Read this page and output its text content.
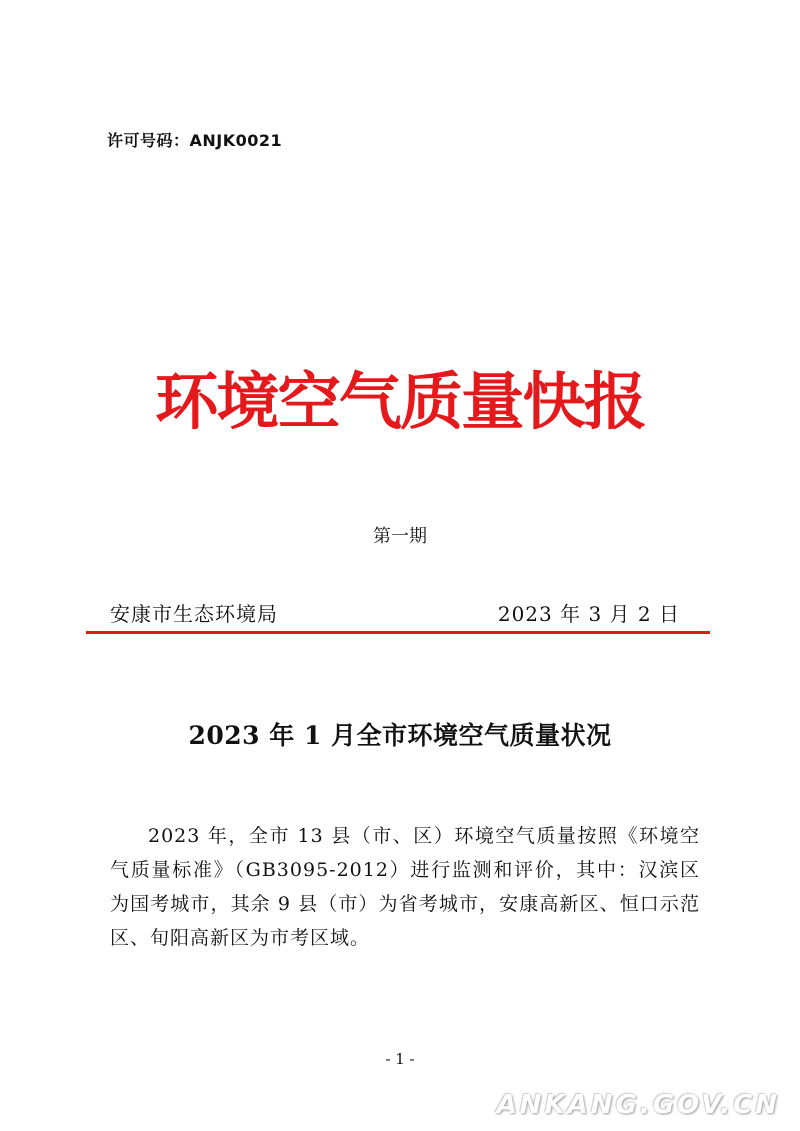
许可号码：ANJK0021
环境空气质量快报
第一期
安康市生态环境局	2023 年 3 月 2 日
2023 年 1 月全市环境空气质量状况

2023 年，全市 13 县（市、区）环境空气质量按照《环境空气质量标准》（GB3095-2012）进行监测和评价，其中：汉滨区为国考城市，其余 9 县（市）为省考城市，安康高新区、恒口示范区、旬阳高新区为市考区域。

- 1 -
ANKANG.GOV.CN
